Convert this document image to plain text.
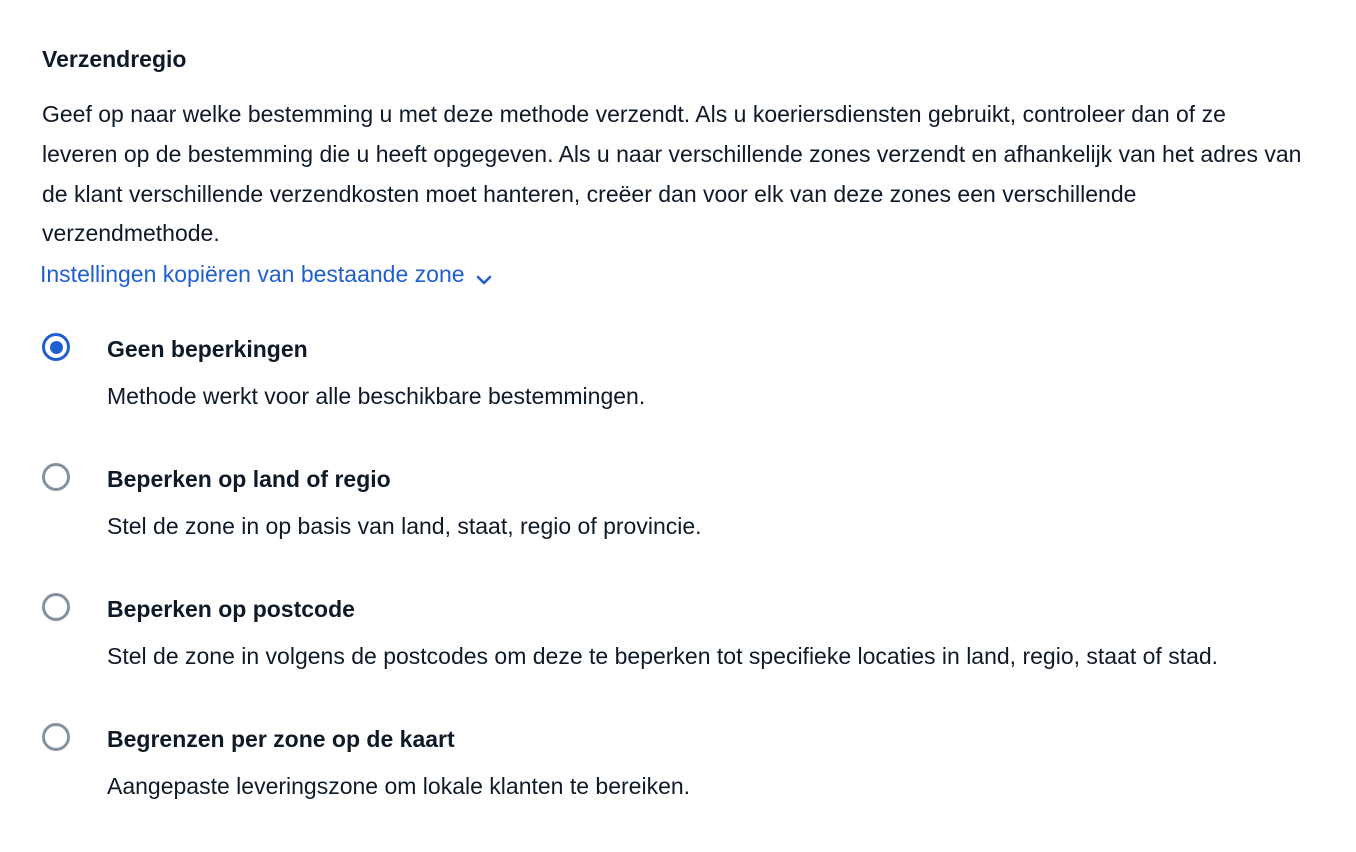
Verzendregio

Geef op naar welke bestemming u met deze methode verzendt. Als u koeriersdiensten gebruikt, controleer dan of ze leveren op de bestemming die u heeft opgegeven. Als u naar verschillende zones verzendt en afhankelijk van het adres van de klant verschillende verzendkosten moet hanteren, creëer dan voor elk van deze zones een verschillende verzendmethode.

Instellingen kopiëren van bestaande zone
Geen beperkingen
Methode werkt voor alle beschikbare bestemmingen.
Beperken op land of regio
Stel de zone in op basis van land, staat, regio of provincie.
Beperken op postcode
Stel de zone in volgens de postcodes om deze te beperken tot specifieke locaties in land, regio, staat of stad.
Begrenzen per zone op de kaart
Aangepaste leveringszone om lokale klanten te bereiken.
